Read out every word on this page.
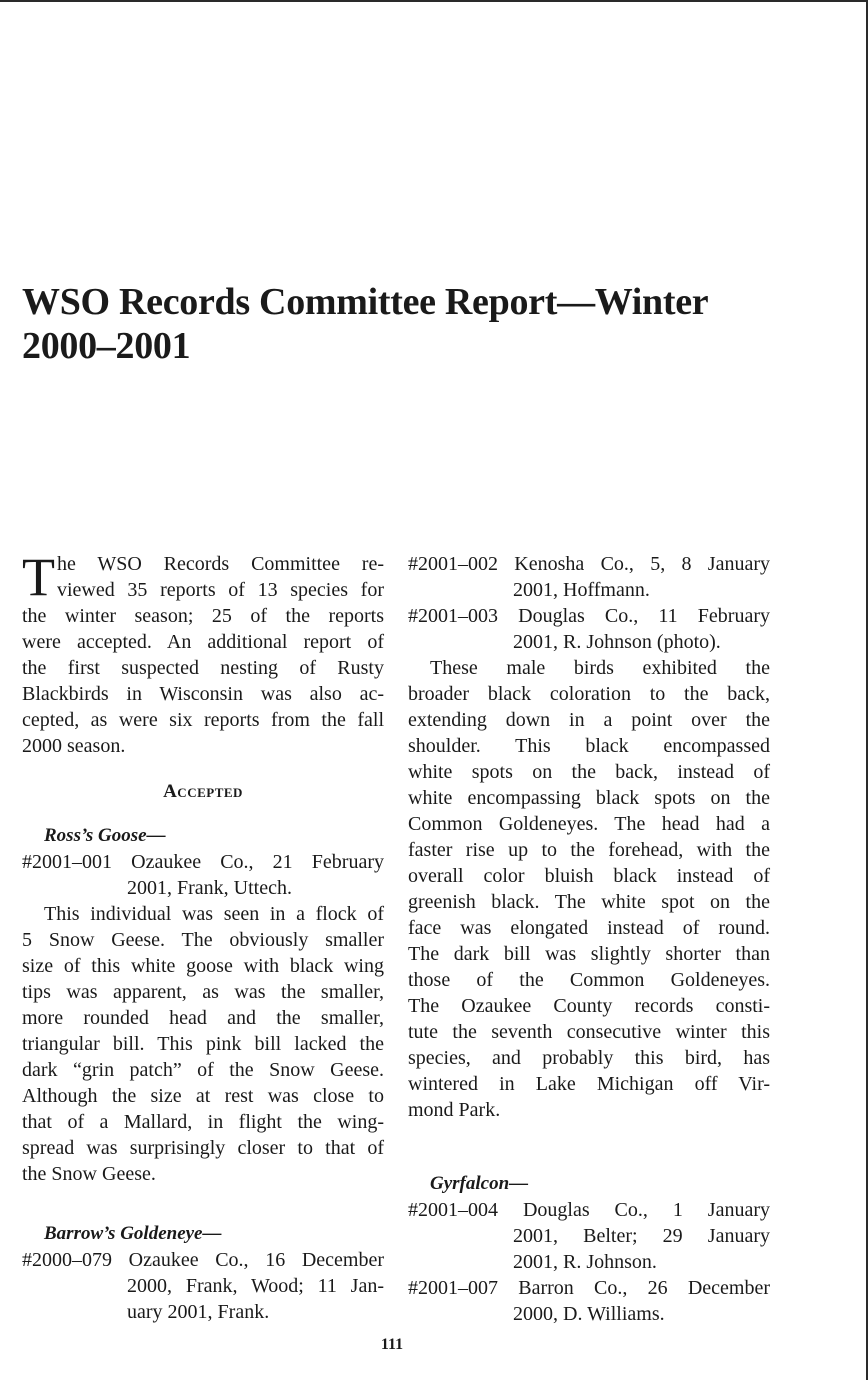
WSO Records Committee Report—Winter
2000–2001
T he WSO Records Committee re-
viewed 35 reports of 13 species for
the winter season; 25 of the reports
were accepted. An additional report of
the first suspected nesting of Rusty
Blackbirds in Wisconsin was also ac-
cepted, as were six reports from the fall
2000 season.
Accepted
Ross’s Goose—
#2001–001 Ozaukee Co., 21 February
2001, Frank, Uttech.
This individual was seen in a flock of
5 Snow Geese. The obviously smaller
size of this white goose with black wing
tips was apparent, as was the smaller,
more rounded head and the smaller,
triangular bill. This pink bill lacked the
dark “grin patch” of the Snow Geese.
Although the size at rest was close to
that of a Mallard, in flight the wing-
spread was surprisingly closer to that of
the Snow Geese.
Barrow’s Goldeneye—
#2000–079 Ozaukee Co., 16 December
2000, Frank, Wood; 11 Jan-
uary 2001, Frank.
#2001–002 Kenosha Co., 5, 8 January
2001, Hoffmann.
#2001–003 Douglas Co., 11 February
2001, R. Johnson (photo).
These male birds exhibited the
broader black coloration to the back,
extending down in a point over the
shoulder. This black encompassed
white spots on the back, instead of
white encompassing black spots on the
Common Goldeneyes. The head had a
faster rise up to the forehead, with the
overall color bluish black instead of
greenish black. The white spot on the
face was elongated instead of round.
The dark bill was slightly shorter than
those of the Common Goldeneyes.
The Ozaukee County records consti-
tute the seventh consecutive winter this
species, and probably this bird, has
wintered in Lake Michigan off Vir-
mond Park.
Gyrfalcon—
#2001–004 Douglas Co., 1 January
2001, Belter; 29 January
2001, R. Johnson.
#2001–007 Barron Co., 26 December
2000, D. Williams.
111
